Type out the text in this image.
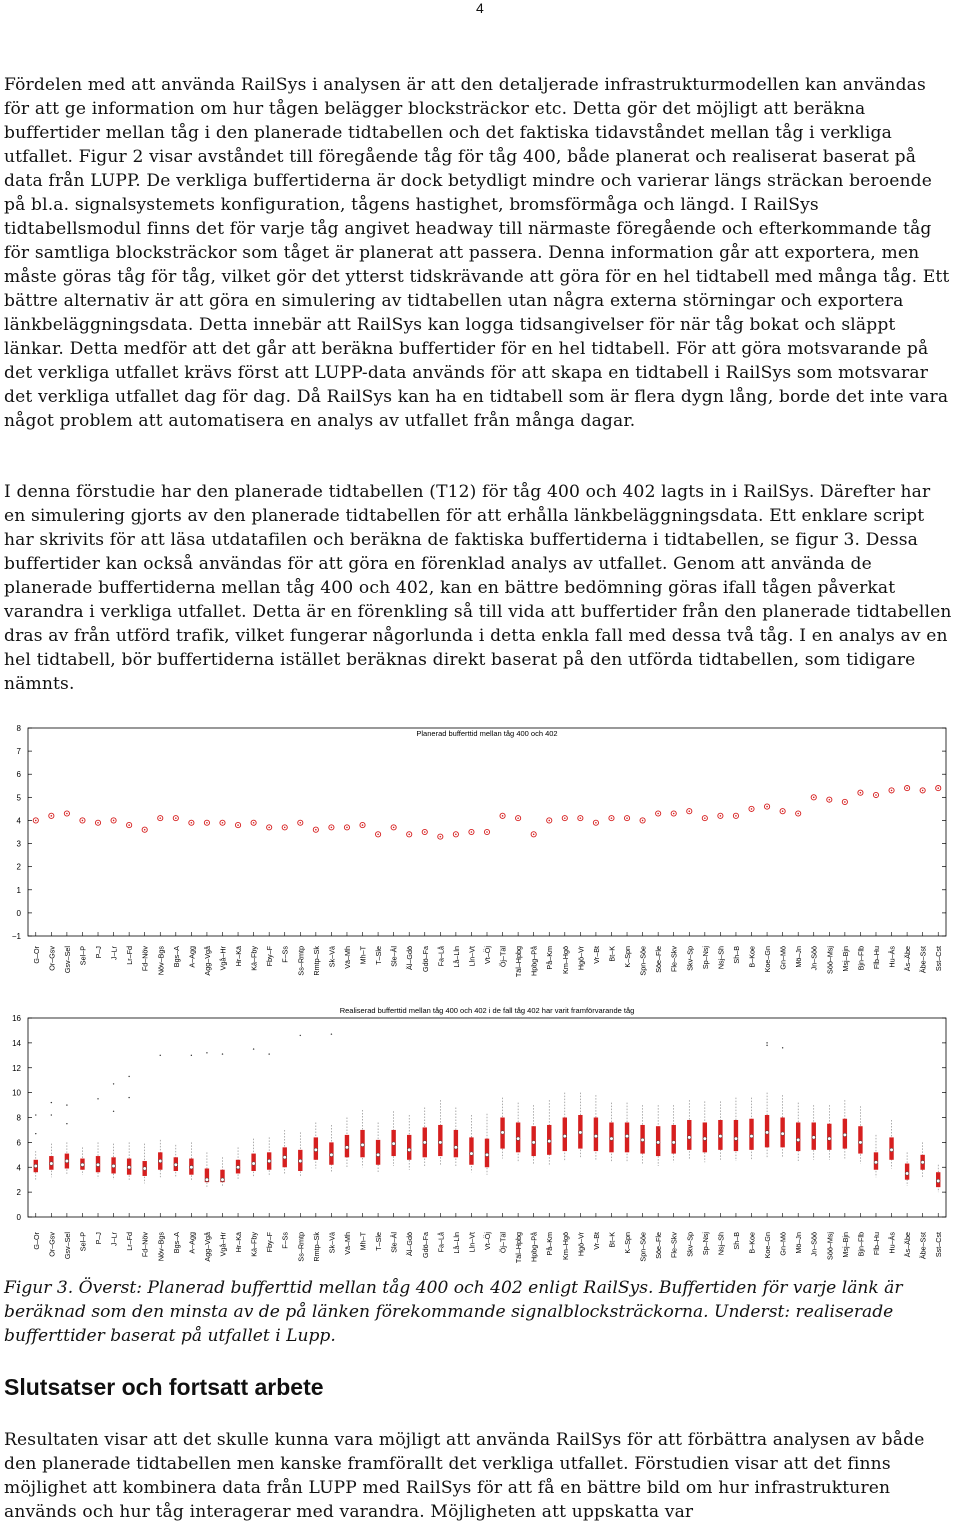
4

Fördelen med att använda RailSys i analysen är att den detaljerade infrastrukturmodellen kan användas för att ge information om hur tågen belägger blocksträckor etc. Detta gör det möjligt att beräkna buffertider mellan tåg i den planerade tidtabellen och det faktiska tidavståndet mellan tåg i verkliga utfallet. Figur 2 visar avståndet till föregående tåg för tåg 400, både planerat och realiserat baserat på data från LUPP. De verkliga buffertiderna är dock betydligt mindre och varierar längs sträckan beroende på bl.a. signalsystemets konfiguration, tågens hastighet, bromsförmåga och längd. I RailSys tidtabellsmodul finns det för varje tåg angivet headway till närmaste föregående och efterkommande tåg för samtliga blocksträckor som tåget är planerat att passera. Denna information går att exportera, men måste göras tåg för tåg, vilket gör det ytterst tidskrävande att göra för en hel tidtabell med många tåg. Ett bättre alternativ är att göra en simulering av tidtabellen utan några externa störningar och exportera länkbeläggningsdata. Detta innebär att RailSys kan logga tidsangivelser för när tåg bokat och släppt länkar. Detta medför att det går att beräkna buffertider för en hel tidtabell. För att göra motsvarande på det verkliga utfallet krävs först att LUPP-data används för att skapa en tidtabell i RailSys som motsvarar det verkliga utfallet dag för dag. Då RailSys kan ha en tidtabell som är flera dygn lång, borde det inte vara något problem att automatisera en analys av utfallet från många dagar.

I denna förstudie har den planerade tidtabellen (T12) för tåg 400 och 402 lagts in i RailSys. Därefter har en simulering gjorts av den planerade tidtabellen för att erhålla länkbeläggningsdata. Ett enklare script har skrivits för att läsa utdatafilen och beräkna de faktiska buffertiderna i tidtabellen, se figur 3. Dessa buffertider kan också användas för att göra en förenklad analys av utfallet. Genom att använda de planerade buffertiderna mellan tåg 400 och 402, kan en bättre bedömning göras ifall tågen påverkat varandra i verkliga utfallet. Detta är en förenkling så till vida att buffertider från den planerade tidtabellen dras av från utförd trafik, vilket fungerar någorlunda i detta enkla fall med dessa två tåg. I en analys av en hel tidtabell, bör buffertiderna istället beräknas direkt baserat på den utförda tidtabellen, som tidigare nämnts.

−1
0
1
2
3
4
5
6
7
8
Planerad bufferttid mellan tåg 400 och 402
G–Or Or–Gsv Gsv–Sel Sel–P P–J J–Lr Lr–Fd Fd–Növ Növ–Bgs Bgs–A A–Agg Agg–Vgå Vgå–Hr Hr–Kä Kä–Fby Fby–F F–Ss Ss–Rmtp Rmtp–Sk Sk–Vä Vä–Mh Mh–T T–Sle Sle–Äl Äl–Gdö Gdö–Fa Fa–Lå Lå–Lln Lln–Vt Vt–Öj Öj–Täl Täl–Hpbg Hpbg–På På–Km Km–Hgö Hgö–Vr Vr–Bt Bt–K K–Spn Spn–Söe Söe–Fle Fle–Skv Skv–Sp Sp–Nsj Nsj–Sh Sh–B B–Koe Koe–Gn Gn–Mö Mö–Jn Jn–Söö Söö–Msj Msj–Bjn Bjn–Flb Flb–Hu Hu–Äs Äs–Äbe Äbe–Sst Sst–Cst
0
2
4
6
8
10
12
14
16
Realiserad bufferttid mellan tåg 400 och 402 i de fall tåg 402 har varit framförvarande tåg
G–Or Or–Gsv Gsv–Sel Sel–P P–J J–Lr Lr–Fd Fd–Növ Növ–Bgs Bgs–A A–Agg Agg–Vgå Vgå–Hr Hr–Kä Kä–Fby Fby–F F–Ss Ss–Rmtp Rmtp–Sk Sk–Vä Vä–Mh Mh–T T–Sle Sle–Äl Äl–Gdö Gdö–Fa Fa–Lå Lå–Lln Lln–Vt Vt–Öj Öj–Täl Täl–Hpbg Hpbg–På På–Km Km–Hgö Hgö–Vr Vr–Bt Bt–K K–Spn Spn–Söe Söe–Fle Fle–Skv Skv–Sp Sp–Nsj Nsj–Sh Sh–B B–Koe Koe–Gn Gn–Mö Mö–Jn Jn–Söö Söö–Msj Msj–Bjn Bjn–Flb Flb–Hu Hu–Äs Äs–Äbe Äbe–Sst Sst–Cst

Figur 3. Överst: Planerad bufferttid mellan tåg 400 och 402 enligt RailSys. Buffertiden för varje länk är beräknad som den minsta av de på länken förekommande signalblocksträckorna. Underst: realiserade bufferttider baserat på utfallet i Lupp.

Slutsatser och fortsatt arbete

Resultaten visar att det skulle kunna vara möjligt att använda RailSys för att förbättra analysen av både den planerade tidtabellen men kanske framförallt det verkliga utfallet. Förstudien visar att det finns möjlighet att kombinera data från LUPP med RailSys för att få en bättre bild om hur infrastrukturen används och hur tåg interagerar med varandra. Möjligheten att uppskatta var
